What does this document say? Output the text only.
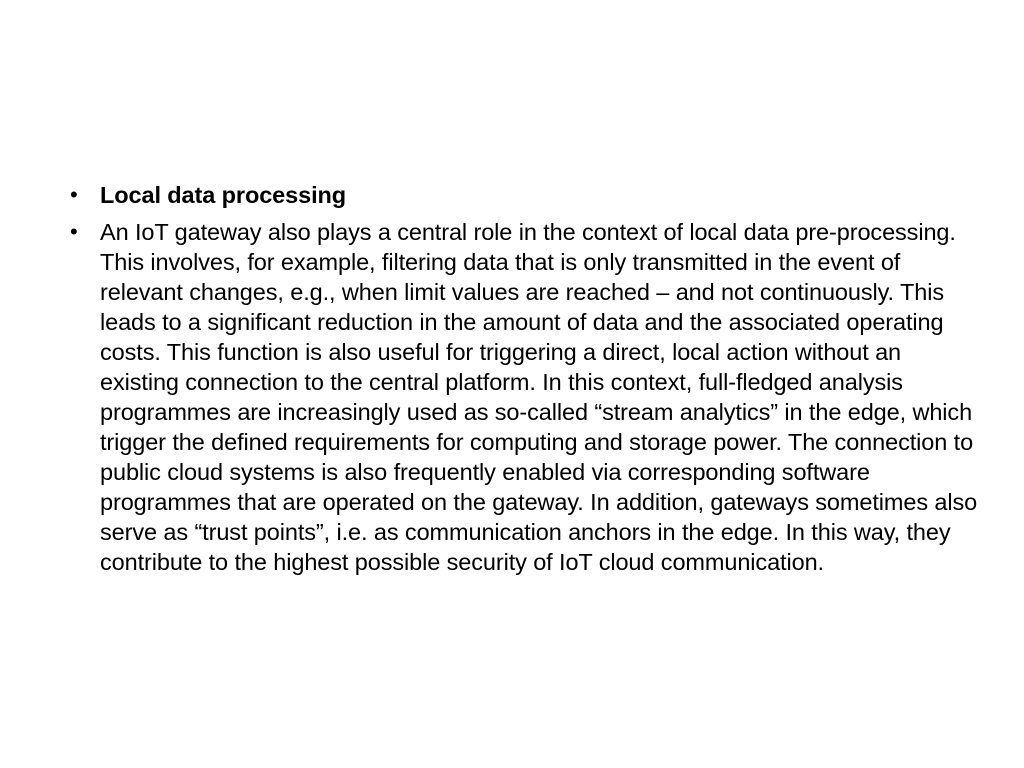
• Local data processing
• An IoT gateway also plays a central role in the context of local data pre-processing. This involves, for example, filtering data that is only transmitted in the event of relevant changes, e.g., when limit values are reached – and not continuously. This leads to a significant reduction in the amount of data and the associated operating costs. This function is also useful for triggering a direct, local action without an existing connection to the central platform. In this context, full-fledged analysis programmes are increasingly used as so-called “stream analytics” in the edge, which trigger the defined requirements for computing and storage power. The connection to public cloud systems is also frequently enabled via corresponding software programmes that are operated on the gateway. In addition, gateways sometimes also serve as “trust points”, i.e. as communication anchors in the edge. In this way, they contribute to the highest possible security of IoT cloud communication.
